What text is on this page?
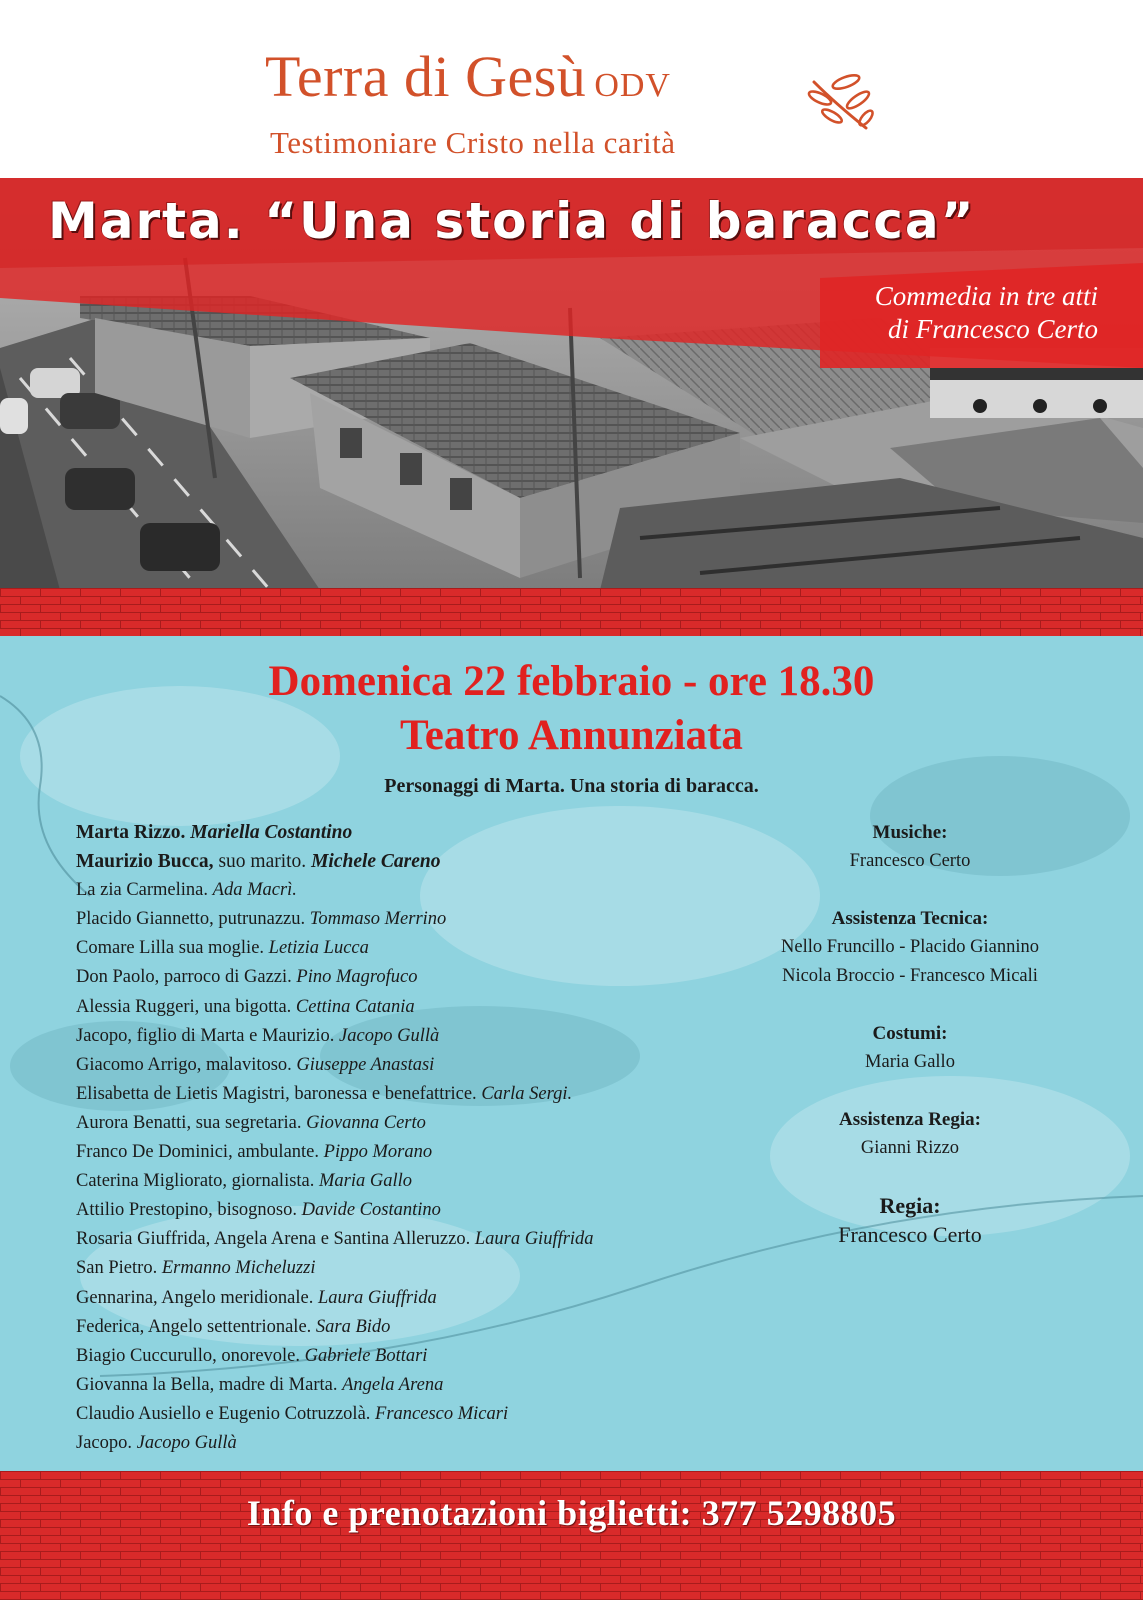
Terra di Gesù ODV
Testimoniare Cristo nella carità
Marta. “Una storia di baracca”
Commedia in tre atti
di Francesco Certo
Domenica 22 febbraio - ore 18.30
Teatro Annunziata
Personaggi di Marta. Una storia di baracca.
Marta Rizzo. Mariella Costantino
Maurizio Bucca, suo marito. Michele Careno
La zia Carmelina. Ada Macrì.
Placido Giannetto, putrunazzu. Tommaso Merrino
Comare Lilla sua moglie. Letizia Lucca
Don Paolo, parroco di Gazzi. Pino Magrofuco
Alessia Ruggeri, una bigotta. Cettina Catania
Jacopo, figlio di Marta e Maurizio. Jacopo Gullà
Giacomo Arrigo, malavitoso. Giuseppe Anastasi
Elisabetta de Lietis Magistri, baronessa e benefattrice. Carla Sergi.
Aurora Benatti, sua segretaria. Giovanna Certo
Franco De Dominici, ambulante. Pippo Morano
Caterina Migliorato, giornalista. Maria Gallo
Attilio Prestopino, bisognoso. Davide Costantino
Rosaria Giuffrida, Angela Arena e Santina Alleruzzo. Laura Giuffrida
San Pietro. Ermanno Micheluzzi
Gennarina, Angelo meridionale. Laura Giuffrida
Federica, Angelo settentrionale. Sara Bido
Biagio Cuccurullo, onorevole. Gabriele Bottari
Giovanna la Bella, madre di Marta. Angela Arena
Claudio Ausiello e Eugenio Cotruzzolà. Francesco Micari
Jacopo. Jacopo Gullà
Musiche:
Francesco Certo
Assistenza Tecnica:
Nello Fruncillo - Placido Giannino
Nicola Broccio - Francesco Micali
Costumi:
Maria Gallo
Assistenza Regia:
Gianni Rizzo
Regia:
Francesco Certo
Info e prenotazioni biglietti: 377 5298805
